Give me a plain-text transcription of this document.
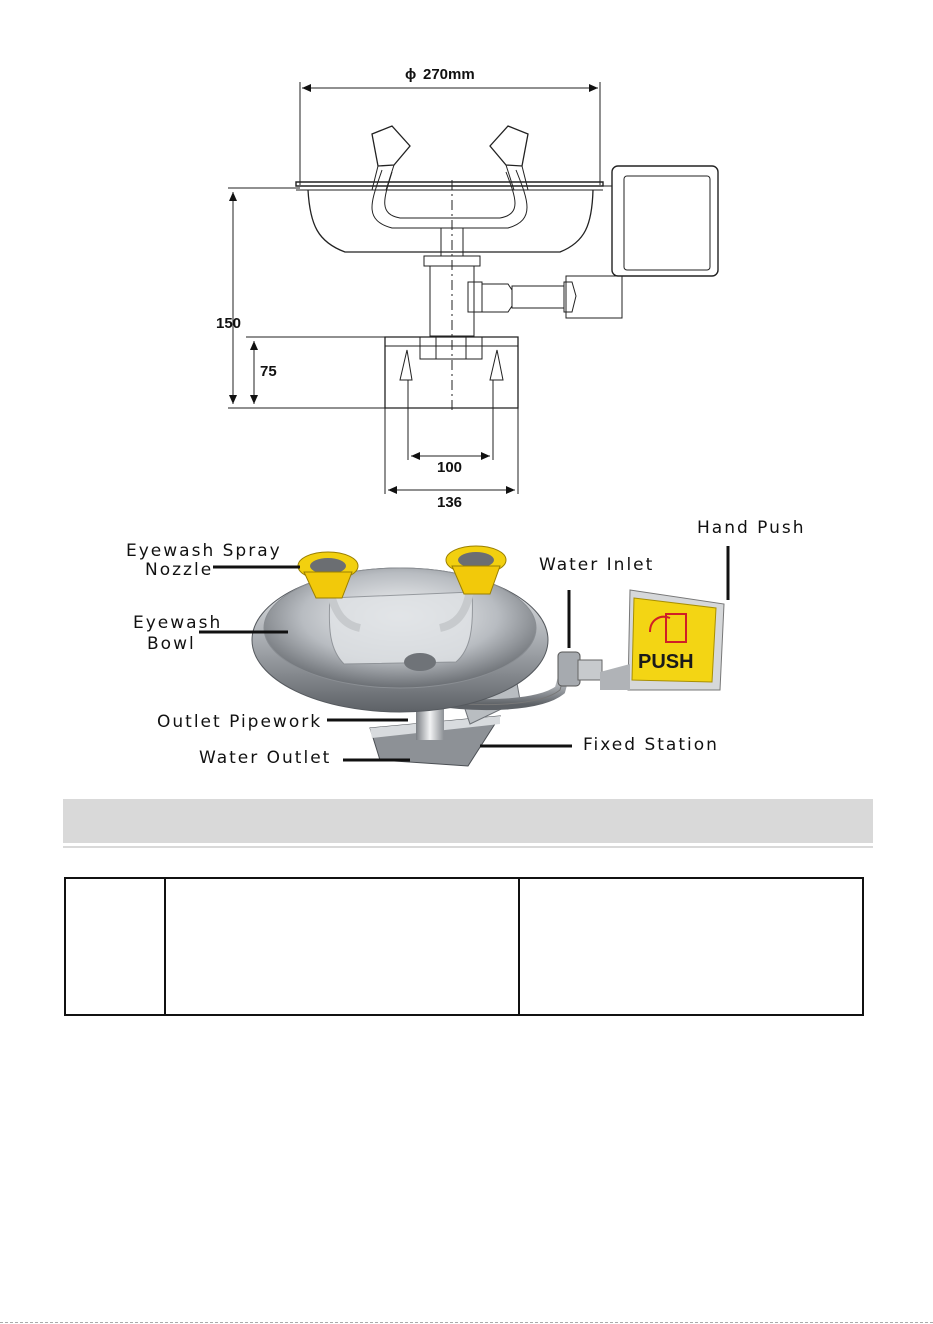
ϕ 270mm
150
75
100
136
PUSH
Eyewash Spray
Nozzle
Eyewash
Bowl
Outlet Pipework
Water Outlet
Water Inlet
Hand Push
Fixed Station
